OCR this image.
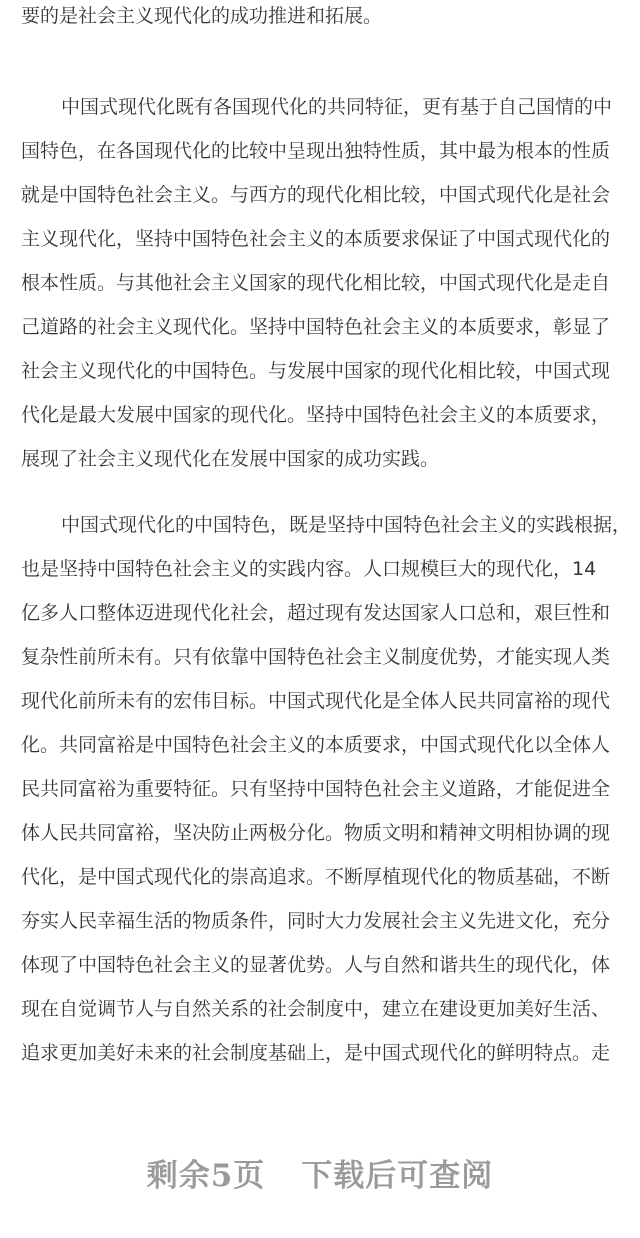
要的是社会主义现代化的成功推进和拓展。
中国式现代化既有各国现代化的共同特征，更有基于自己国情的中
国特色，在各国现代化的比较中呈现出独特性质，其中最为根本的性质
就是中国特色社会主义。与西方的现代化相比较，中国式现代化是社会
主义现代化，坚持中国特色社会主义的本质要求保证了中国式现代化的
根本性质。与其他社会主义国家的现代化相比较，中国式现代化是走自
己道路的社会主义现代化。坚持中国特色社会主义的本质要求，彰显了
社会主义现代化的中国特色。与发展中国家的现代化相比较，中国式现
代化是最大发展中国家的现代化。坚持中国特色社会主义的本质要求，
展现了社会主义现代化在发展中国家的成功实践。
中国式现代化的中国特色，既是坚持中国特色社会主义的实践根据，
也是坚持中国特色社会主义的实践内容。人口规模巨大的现代化，14
亿多人口整体迈进现代化社会，超过现有发达国家人口总和，艰巨性和
复杂性前所未有。只有依靠中国特色社会主义制度优势，才能实现人类
现代化前所未有的宏伟目标。中国式现代化是全体人民共同富裕的现代
化。共同富裕是中国特色社会主义的本质要求，中国式现代化以全体人
民共同富裕为重要特征。只有坚持中国特色社会主义道路，才能促进全
体人民共同富裕，坚决防止两极分化。物质文明和精神文明相协调的现
代化，是中国式现代化的崇高追求。不断厚植现代化的物质基础，不断
夯实人民幸福生活的物质条件，同时大力发展社会主义先进文化，充分
体现了中国特色社会主义的显著优势。人与自然和谐共生的现代化，体
现在自觉调节人与自然关系的社会制度中，建立在建设更加美好生活、
追求更加美好未来的社会制度基础上，是中国式现代化的鲜明特点。走
剩余5页 下载后可查阅
